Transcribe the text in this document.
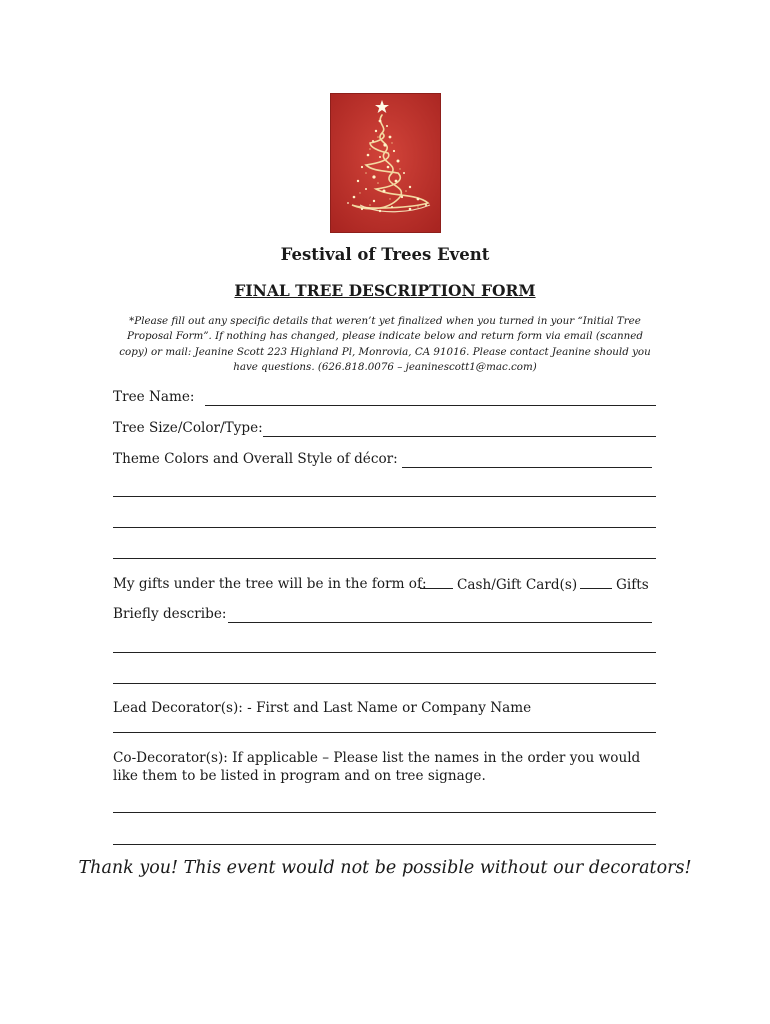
Festival of Trees Event
FINAL TREE DESCRIPTION FORM
*Please fill out any specific details that weren’t yet finalized when you turned in your “Initial Tree Proposal Form”. If nothing has changed, please indicate below and return form via email (scanned copy) or mail: Jeanine Scott 223 Highland Pl, Monrovia, CA 91016. Please contact Jeanine should you have questions. (626.818.0076 – jeaninescott1@mac.com)
Tree Name:
Tree Size/Color/Type:
Theme Colors and Overall Style of décor:
My gifts under the tree will be in the form of:	Cash/Gift Card(s)	Gifts
Briefly describe:
Lead Decorator(s): - First and Last Name or Company Name
Co-Decorator(s): If applicable – Please list the names in the order you would like them to be listed in program and on tree signage.
Thank you! This event would not be possible without our decorators!
